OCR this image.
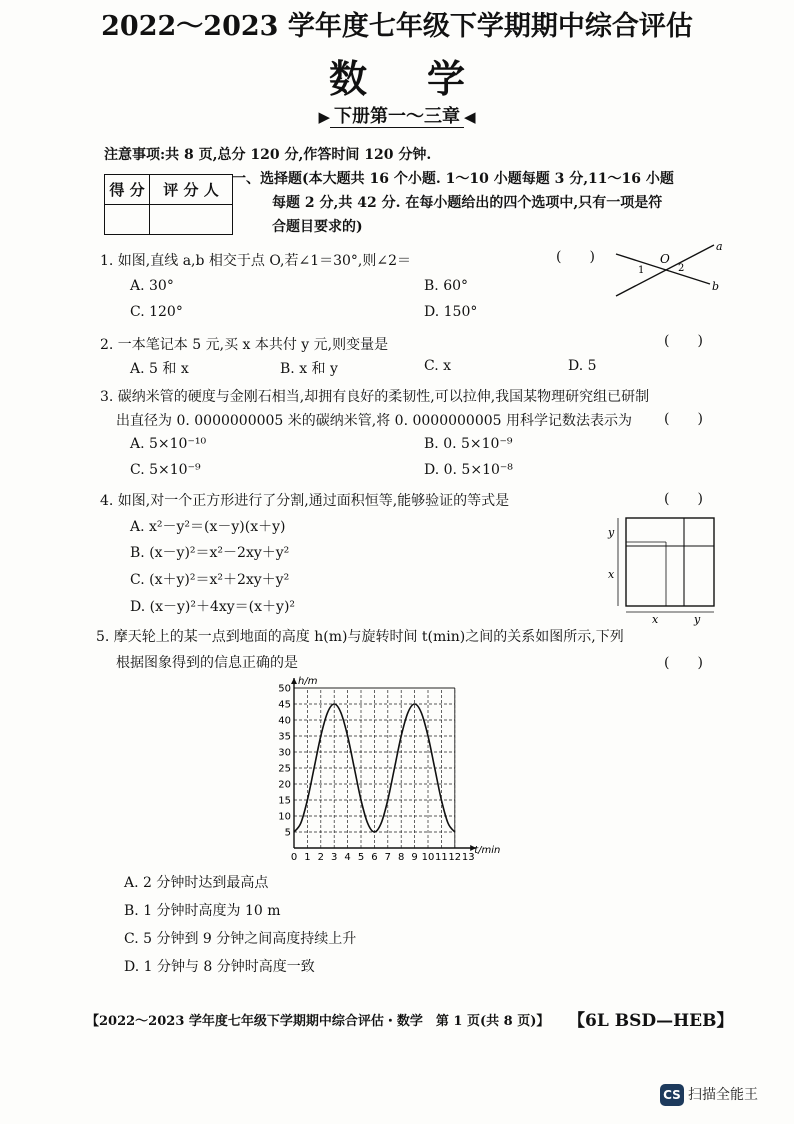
2022～2023 学年度七年级下学期期中综合评估
数学
▶ 下册第一～三章 ◀
注意事项:共 8 页,总分 120 分,作答时间 120 分钟.
得 分	评 分 人

一、选择题(本大题共 16 个小题. 1～10 小题每题 3 分,11～16 小题
每题 2 分,共 42 分. 在每小题给出的四个选项中,只有一项是符
合题目要求的)
1. 如图,直线 a,b 相交于点 O,若∠1＝30°,则∠2＝	(　　)
A. 30°	B. 60°
C. 120°	D. 150°
a
b
O
1	2
2. 一本笔记本 5 元,买 x 本共付 y 元,则变量是	(　　)
A. 5 和 x	B. x 和 y	C. x	D. 5
3. 碳纳米管的硬度与金刚石相当,却拥有良好的柔韧性,可以拉伸,我国某物理研究组已研制
出直径为 0. 0000000005 米的碳纳米管,将 0. 0000000005 用科学记数法表示为 (　　)
A. 5×10⁻¹⁰	B. 0. 5×10⁻⁹
C. 5×10⁻⁹	D. 0. 5×10⁻⁸
4. 如图,对一个正方形进行了分割,通过面积恒等,能够验证的等式是	(　　)
A. x²－y²＝(x－y)(x＋y)
B. (x－y)²＝x²－2xy＋y²
C. (x＋y)²＝x²＋2xy＋y²
D. (x－y)²＋4xy＝(x＋y)²
y
x
x	y
5. 摩天轮上的某一点到地面的高度 h(m)与旋转时间 t(min)之间的关系如图所示,下列
根据图象得到的信息正确的是	(　　)
0 1 2 3 4 5 6 7 8 9 10 11 12 13
5
10
15
20
25
30
35
40
45
50
h/m
t/min
A. 2 分钟时达到最高点
B. 1 分钟时高度为 10 m
C. 5 分钟到 9 分钟之间高度持续上升
D. 1 分钟与 8 分钟时高度一致
【2022～2023 学年度七年级下学期期中综合评估・数学　第 1 页(共 8 页)】 【6L BSD—HEB】
CS 扫描全能王
